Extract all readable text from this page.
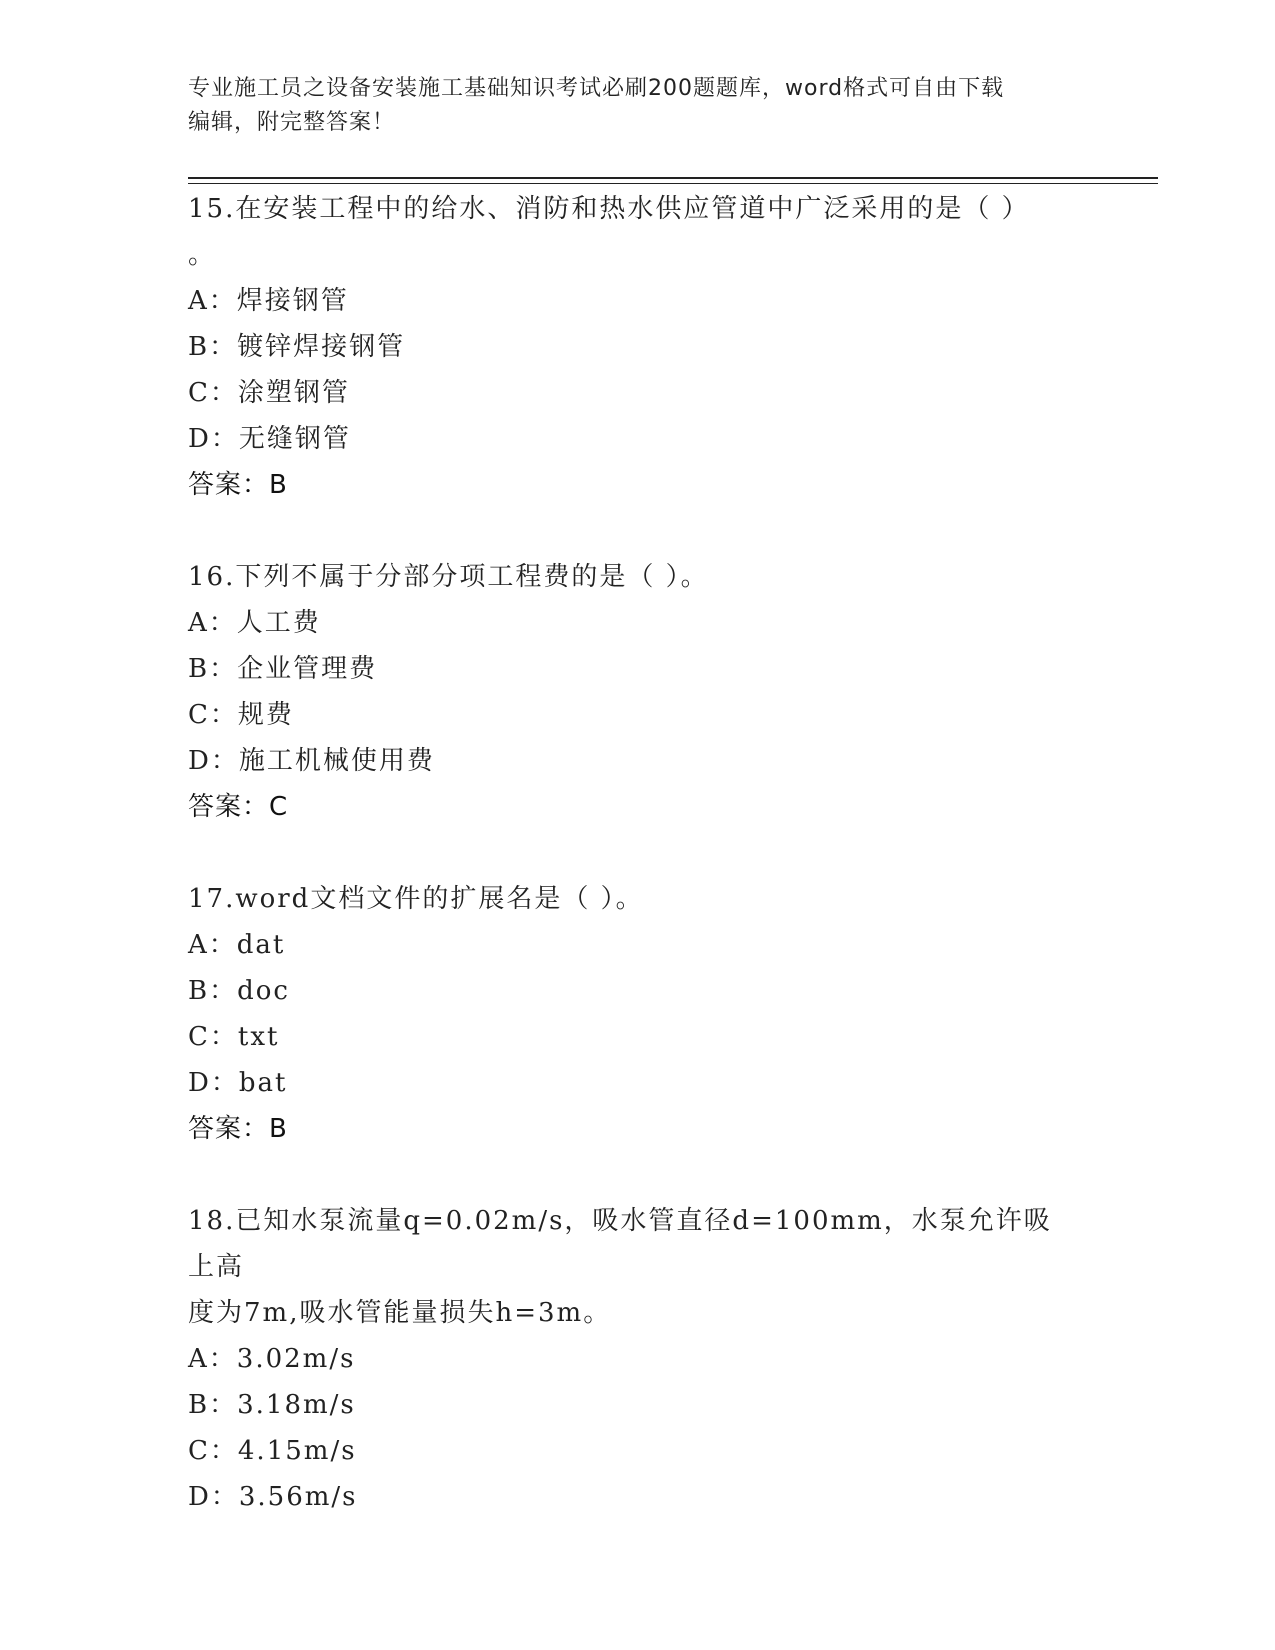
专业施工员之设备安装施工基础知识考试必刷200题题库，word格式可自由下载
编辑，附完整答案！
15.在安装工程中的给水、消防和热水供应管道中广泛采用的是（ ）
。
A：焊接钢管
B：镀锌焊接钢管
C：涂塑钢管
D：无缝钢管
答案：B
16.下列不属于分部分项工程费的是（ ）。
A：人工费
B：企业管理费
C：规费
D：施工机械使用费
答案：C
17.word文档文件的扩展名是（ ）。
A：dat
B：doc
C：txt
D：bat
答案：B
18.已知水泵流量q=0.02m/s，吸水管直径d=100mm，水泵允许吸上高
度为7m,吸水管能量损失h=3m。
A：3.02m/s
B：3.18m/s
C：4.15m/s
D：3.56m/s
